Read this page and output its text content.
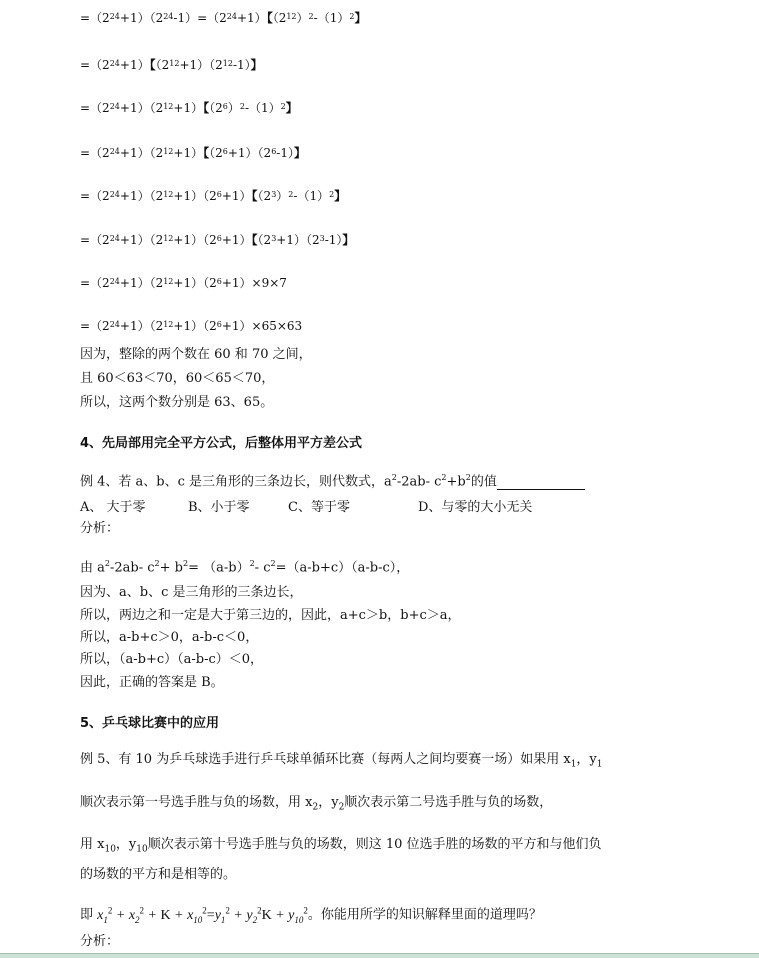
$=(2^{24}+1)(2^{24}-1)=(2^{24}+1)$【$(2^{12})^2-(1)^2$】
$=(2^{24}+1)$【$(2^{12}+1)(2^{12}-1)$】
$=(2^{24}+1)(2^{12}+1)$【$(2^6)^2-(1)^2$】
$=(2^{24}+1)(2^{12}+1)$【$(2^6+1)(2^6-1)$】
$=(2^{24}+1)(2^{12}+1)(2^6+1)$【$(2^3)^2-(1)^2$】
$=(2^{24}+1)(2^{12}+1)(2^6+1)$【$(2^3+1)(2^3-1)$】
$=(2^{24}+1)(2^{12}+1)(2^6+1)\times 9\times 7$
$=(2^{24}+1)(2^{12}+1)(2^6+1)\times 65\times 63$
因为，整除的两个数在 60 和 70 之间，
且 60＜63＜70，60＜65＜70，
所以，这两个数分别是 63、65。
4、先局部用完全平方公式，后整体用平方差公式
例 4、若 a、b、c 是三角形的三条边长，则代数式，$a^2-2ab-$ $c^2+b^2$的值
A、 大于零	B、小于零	C、等于零	D、与零的大小无关
分析：
由 $a^2-2ab-$ $c^2+ b^2= (a-b)^2-$ $c^2=(a-b+c)(a-b-c)$，
因为、a、b、c 是三角形的三条边长，
所以，两边之和一定是大于第三边的，因此，a+c＞b，b+c＞a，
所以，a-b+c＞0，a-b-c＜0，
所以，（a-b+c）（a-b-c）＜0，
因此，正确的答案是 B。
5、乒乓球比赛中的应用
例 5、有 10 为乒乓球选手进行乒乓球单循环比赛（每两人之间均要赛一场）如果用 $x_1$，$y_1$
顺次表示第一号选手胜与负的场数，用 $x_2$，$y_2$顺次表示第二号选手胜与负的场数，
用 $x_{10}$，$y_{10}$顺次表示第十号选手胜与负的场数，则这 10 位选手胜的场数的平方和与他们负
的场数的平方和是相等的。
即 $x_1^2 + x_2^2 + K + x_{10}^2=y_1^2 + y_2^2K + y_{10}^2$。你能用所学的知识解释里面的道理吗？
分析：
